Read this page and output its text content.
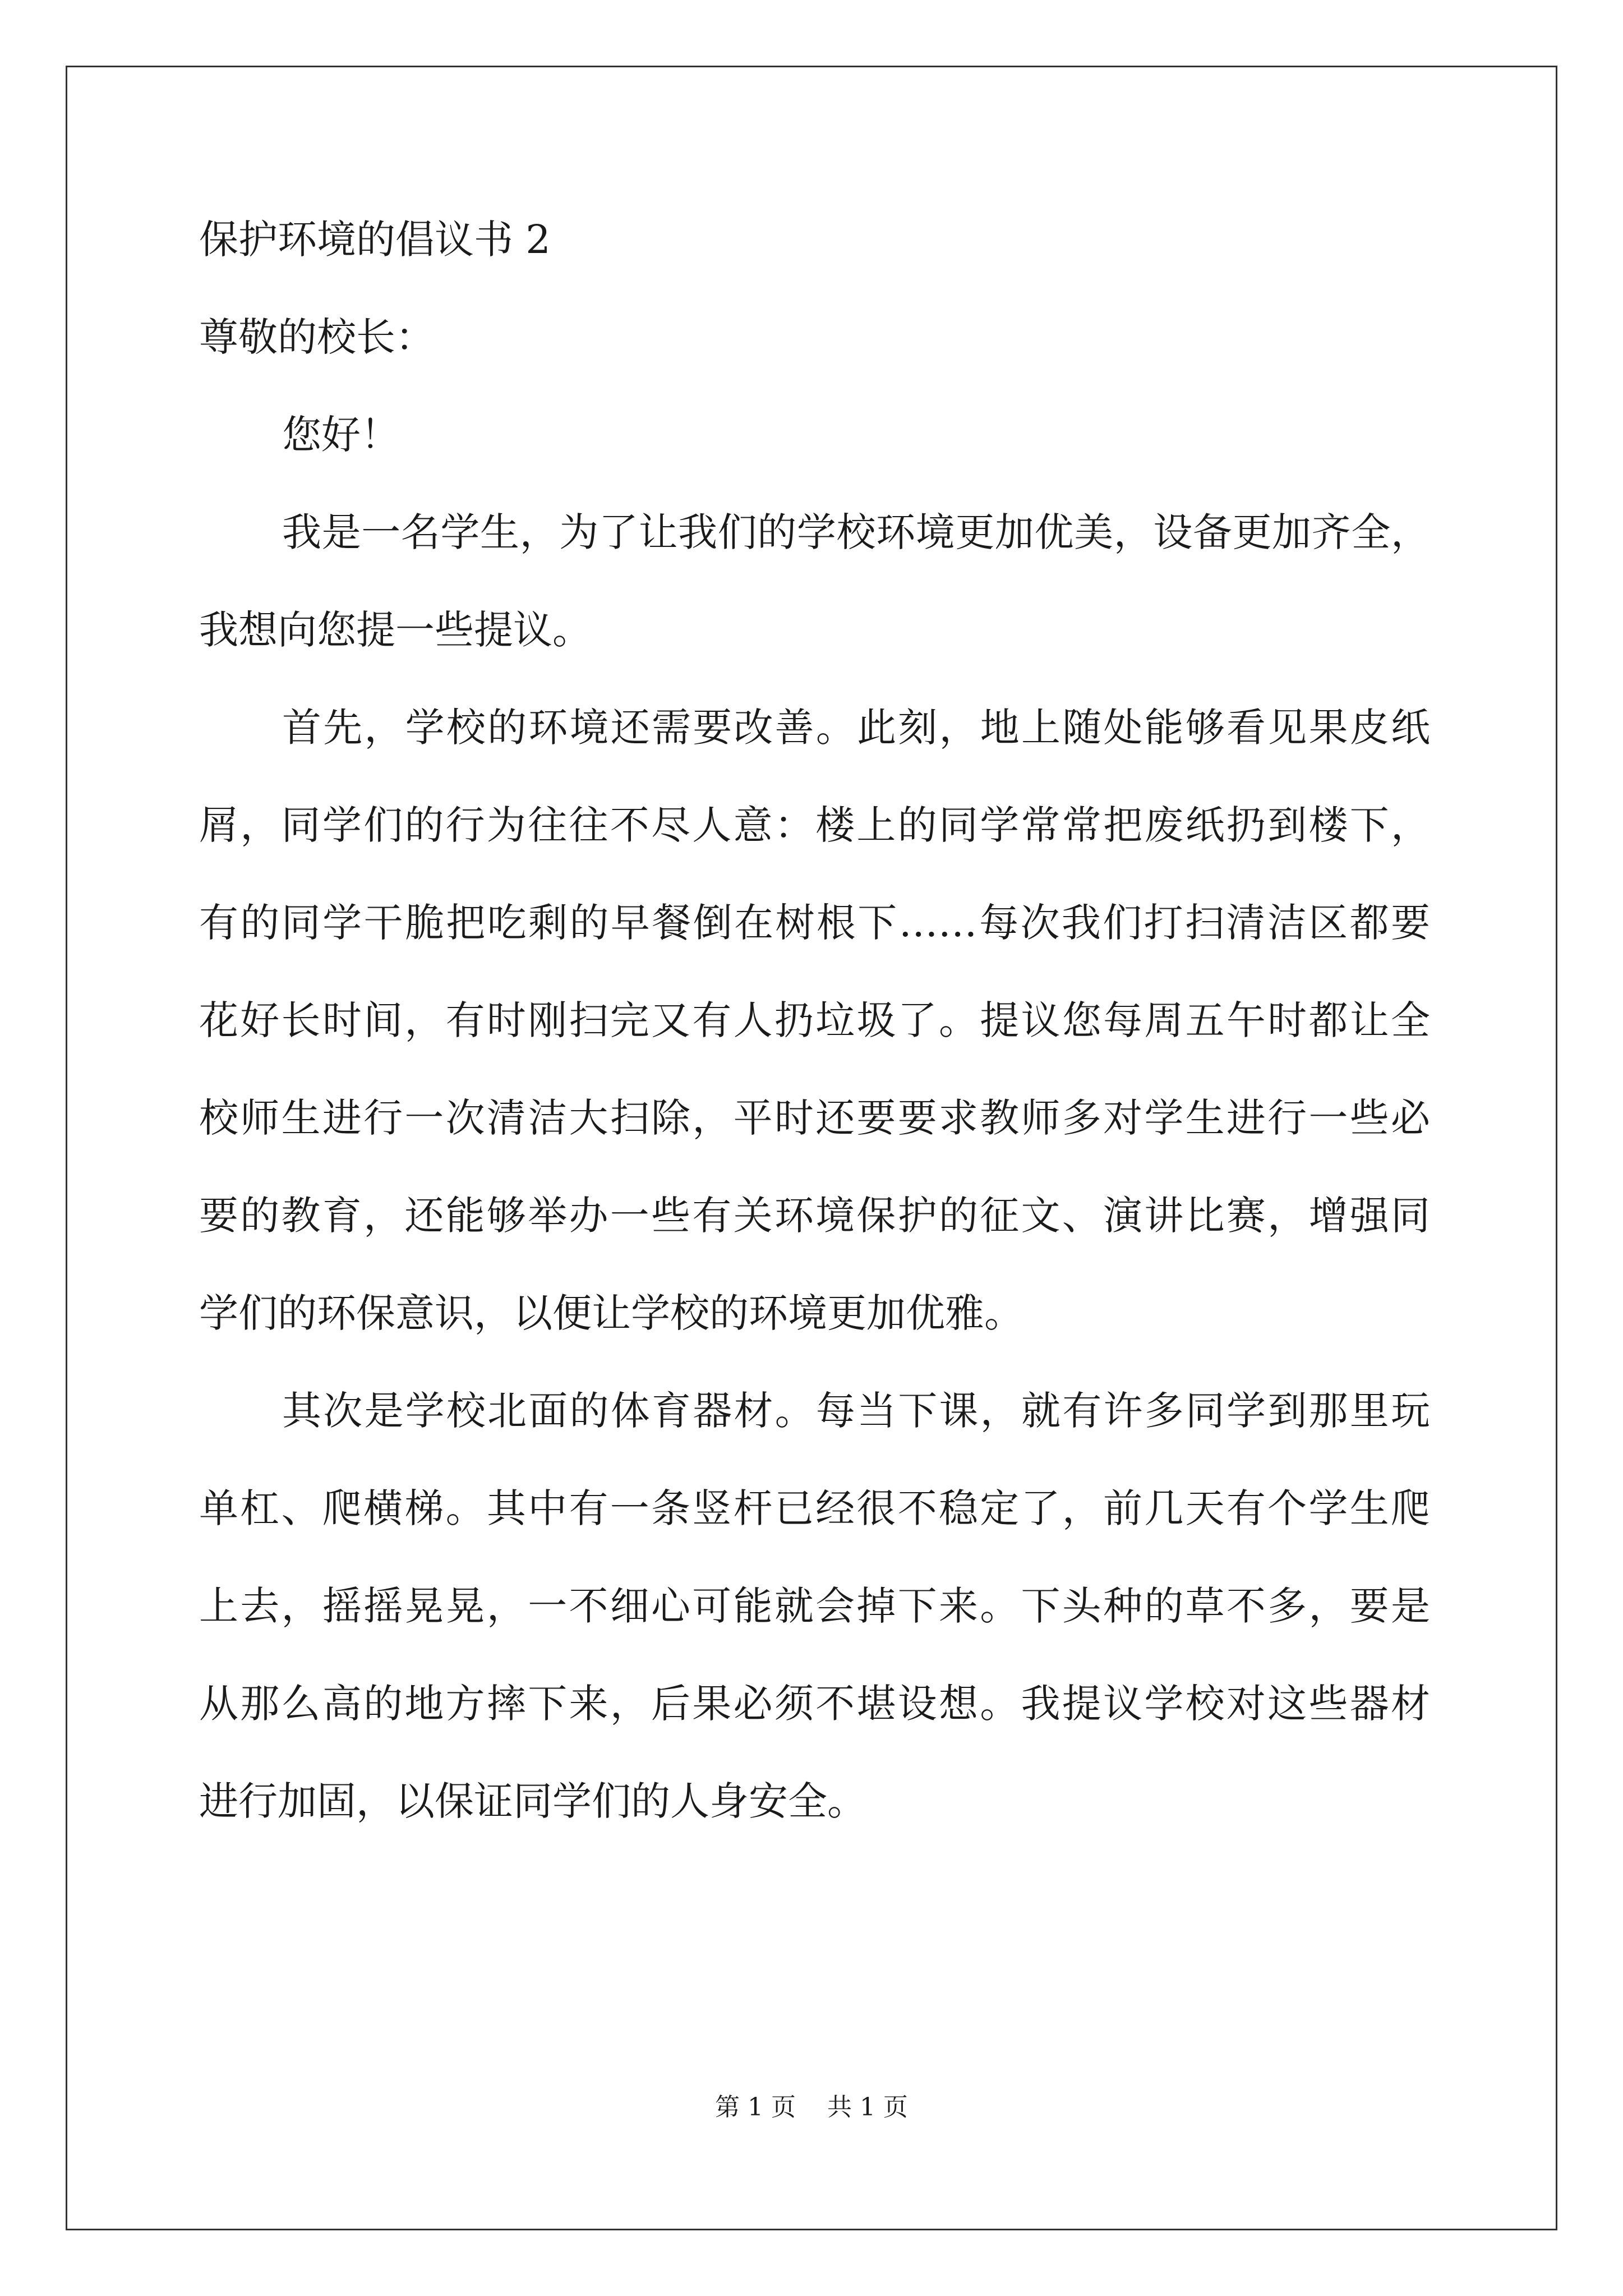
保护环境的倡议书 2
尊敬的校长：
您好！
我是一名学生，为了让我们的学校环境更加优美，设备更加齐全，
我想向您提一些提议。
首先，学校的环境还需要改善。此刻，地上随处能够看见果皮纸
屑，同学们的行为往往不尽人意：楼上的同学常常把废纸扔到楼下，
有的同学干脆把吃剩的早餐倒在树根下……每次我们打扫清洁区都要
花好长时间，有时刚扫完又有人扔垃圾了。提议您每周五午时都让全
校师生进行一次清洁大扫除，平时还要要求教师多对学生进行一些必
要的教育，还能够举办一些有关环境保护的征文、演讲比赛，增强同
学们的环保意识，以便让学校的环境更加优雅。
其次是学校北面的体育器材。每当下课，就有许多同学到那里玩
单杠、爬横梯。其中有一条竖杆已经很不稳定了，前几天有个学生爬
上去，摇摇晃晃，一不细心可能就会掉下来。下头种的草不多，要是
从那么高的地方摔下来，后果必须不堪设想。我提议学校对这些器材
进行加固，以保证同学们的人身安全。
第 1 页    共 1 页
